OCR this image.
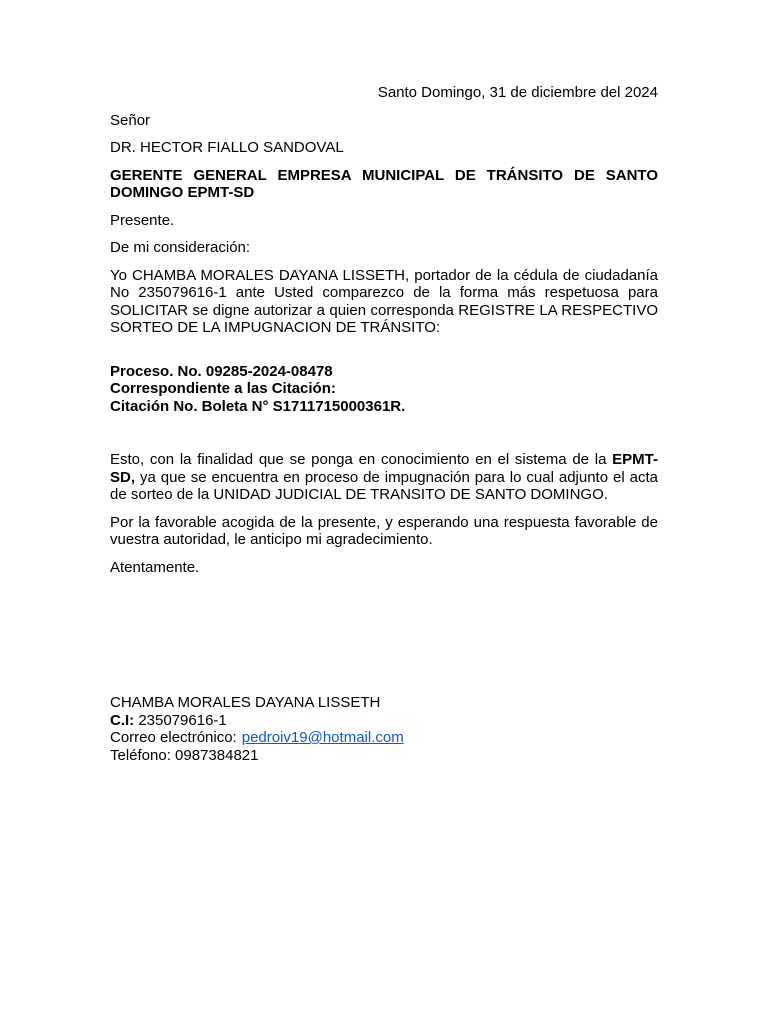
Santo Domingo, 31 de diciembre del 2024

Señor

DR. HECTOR FIALLO SANDOVAL

GERENTE GENERAL EMPRESA MUNICIPAL DE TRÁNSITO DE SANTO DOMINGO EPMT-SD

Presente.

De mi consideración:

Yo CHAMBA MORALES DAYANA LISSETH, portador de la cédula de ciudadanía No 235079616-1 ante Usted comparezco de la forma más respetuosa para SOLICITAR se digne autorizar a quien corresponda REGISTRE LA RESPECTIVO SORTEO DE LA IMPUGNACION DE TRÁNSITO:

Proceso. No. 09285-2024-08478

Correspondiente a las Citación:

Citación No. Boleta N° S1711715000361R.

Esto, con la finalidad que se ponga en conocimiento en el sistema de la EPMT-SD, ya que se encuentra en proceso de impugnación para lo cual adjunto el acta de sorteo de la UNIDAD JUDICIAL DE TRANSITO DE SANTO DOMINGO.

Por la favorable acogida de la presente, y esperando una respuesta favorable de vuestra autoridad, le anticipo mi agradecimiento.

Atentamente.

CHAMBA MORALES DAYANA LISSETH

C.I: 235079616-1

Correo electrónico: pedroiv19@hotmail.com

Teléfono: 0987384821
